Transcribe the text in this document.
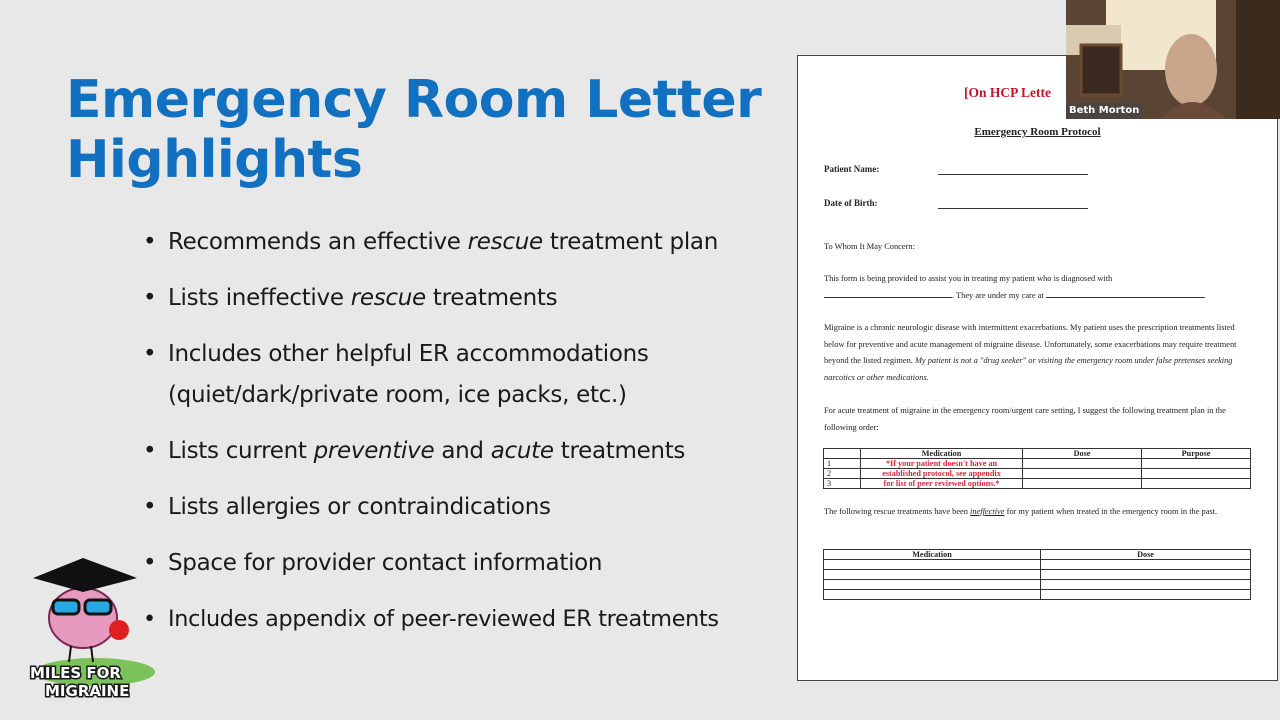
Emergency Room Letter Highlights
• Recommends an effective rescue treatment plan
• Lists ineffective rescue treatments
• Includes other helpful ER accommodations (quiet/dark/private room, ice packs, etc.)
• Lists current preventive and acute treatments
• Lists allergies or contraindications
• Space for provider contact information
• Includes appendix of peer-reviewed ER treatments
MILES FOR
MIGRAINE
[On HCP Lette
Emergency Room Protocol
Patient Name:
Date of Birth:

To Whom It May Concern:

This form is being provided to assist you in treating my patient who is diagnosed with
. They are under my care at	.

Migraine is a chronic neurologic disease with intermittent exacerbations. My patient uses the prescription treatments listed below for preventive and acute management of migraine disease. Unfortunately, some exacerbations may require treatment beyond the listed regimen. My patient is not a "drug seeker" or visiting the emergency room under false pretenses seeking narcotics or other medications.

For acute treatment of migraine in the emergency room/urgent care setting, I suggest the following treatment plan in the following order:

	Medication	Dose	Purpose
1	*If your patient doesn't have an		
2	established protocol, see appendix		
3	for list of peer reviewed options.*		

The following rescue treatments have been ineffective for my patient when treated in the emergency room in the past.

Medication	Dose

Beth Morton
